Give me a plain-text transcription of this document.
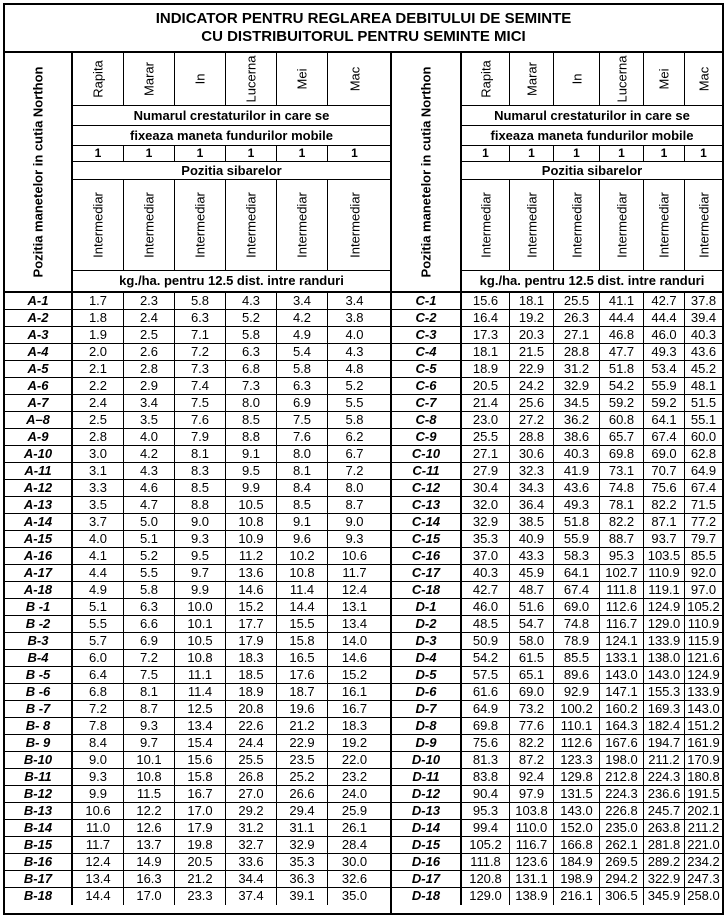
INDICATOR PENTRU REGLAREA DEBITULUI DE SEMINTE
CU DISTRIBUITORUL PENTRU SEMINTE MICI
Pozitia manetelor in cutia Northon	Rapita	Marar	In	Lucerna	Mei	Mac
Numarul crestaturilor in care se
fixeaza maneta fundurilor mobile
1	1	1	1	1	1
Pozitia sibarelor
Intermediar	Intermediar	Intermediar	Intermediar	Intermediar	Intermediar
kg./ha. pentru 12.5 dist. intre randuri
A-1	1.7	2.3	5.8	4.3	3.4	3.4
A-2	1.8	2.4	6.3	5.2	4.2	3.8
A-3	1.9	2.5	7.1	5.8	4.9	4.0
A-4	2.0	2.6	7.2	6.3	5.4	4.3
A-5	2.1	2.8	7.3	6.8	5.8	4.8
A-6	2.2	2.9	7.4	7.3	6.3	5.2
A-7	2.4	3.4	7.5	8.0	6.9	5.5
A–8	2.5	3.5	7.6	8.5	7.5	5.8
A-9	2.8	4.0	7.9	8.8	7.6	6.2
A-10	3.0	4.2	8.1	9.1	8.0	6.7
A-11	3.1	4.3	8.3	9.5	8.1	7.2
A-12	3.3	4.6	8.5	9.9	8.4	8.0
A-13	3.5	4.7	8.8	10.5	8.5	8.7
A-14	3.7	5.0	9.0	10.8	9.1	9.0
A-15	4.0	5.1	9.3	10.9	9.6	9.3
A-16	4.1	5.2	9.5	11.2	10.2	10.6
A-17	4.4	5.5	9.7	13.6	10.8	11.7
A-18	4.9	5.8	9.9	14.6	11.4	12.4
B -1	5.1	6.3	10.0	15.2	14.4	13.1
B -2	5.5	6.6	10.1	17.7	15.5	13.4
B-3	5.7	6.9	10.5	17.9	15.8	14.0
B-4	6.0	7.2	10.8	18.3	16.5	14.6
B -5	6.4	7.5	11.1	18.5	17.6	15.2
B -6	6.8	8.1	11.4	18.9	18.7	16.1
B -7	7.2	8.7	12.5	20.8	19.6	16.7
B- 8	7.8	9.3	13.4	22.6	21.2	18.3
B- 9	8.4	9.7	15.4	24.4	22.9	19.2
B-10	9.0	10.1	15.6	25.5	23.5	22.0
B-11	9.3	10.8	15.8	26.8	25.2	23.2
B-12	9.9	11.5	16.7	27.0	26.6	24.0
B-13	10.6	12.2	17.0	29.2	29.4	25.9
B-14	11.0	12.6	17.9	31.2	31.1	26.1
B-15	11.7	13.7	19.8	32.7	32.9	28.4
B-16	12.4	14.9	20.5	33.6	35.3	30.0
B-17	13.4	16.3	21.2	34.4	36.3	32.6
B-18	14.4	17.0	23.3	37.4	39.1	35.0
Pozitia manetelor in cutia Northon	Rapita Marar In Lucerna Mei Mac
Numarul crestaturilor in care se
fixeaza maneta fundurilor mobile
1	1	1	1	1	1
Pozitia sibarelor
Intermediar Intermediar Intermediar Intermediar Intermediar Intermediar
kg./ha. pentru 12.5 dist. intre randuri
C-1	15.6	18.1	25.5	41.1	42.7	37.8
C-2	16.4	19.2	26.3	44.4	44.4	39.4
C-3	17.3	20.3	27.1	46.8	46.0	40.3
C-4	18.1	21.5	28.8	47.7	49.3	43.6
C-5	18.9	22.9	31.2	51.8	53.4	45.2
C-6	20.5	24.2	32.9	54.2	55.9	48.1
C-7	21.4	25.6	34.5	59.2	59.2	51.5
C-8	23.0	27.2	36.2	60.8	64.1	55.1
C-9	25.5	28.8	38.6	65.7	67.4	60.0
C-10	27.1	30.6	40.3	69.8	69.0	62.8
C-11	27.9	32.3	41.9	73.1	70.7	64.9
C-12	30.4	34.3	43.6	74.8	75.6	67.4
C-13	32.0	36.4	49.3	78.1	82.2	71.5
C-14	32.9	38.5	51.8	82.2	87.1	77.2
C-15	35.3	40.9	55.9	88.7	93.7	79.7
C-16	37.0	43.3	58.3	95.3	103.5 85.5
C-17	40.3	45.9	64.1	102.7 110.9 92.0
C-18	42.7	48.7	67.4	111.8 119.1 97.0
D-1	46.0	51.6	69.0	112.6 124.9 105.2
D-2	48.5	54.7	74.8	116.7 129.0 110.9
D-3	50.9	58.0	78.9	124.1 133.9 115.9
D-4	54.2	61.5	85.5	133.1 138.0 121.6
D-5	57.5	65.1	89.6	143.0 143.0 124.9
D-6	61.6	69.0	92.9	147.1 155.3 133.9
D-7	64.9	73.2	100.2 160.2 169.3 143.0
D-8	69.8	77.6	110.1 164.3 182.4 151.2
D-9	75.6	82.2	112.6 167.6 194.7 161.9
D-10	81.3	87.2	123.3 198.0 211.2 170.9
D-11	83.8	92.4	129.8 212.8 224.3 180.8
D-12	90.4	97.9	131.5 224.3 236.6 191.5
D-13	95.3	103.8 143.0 226.8 245.7 202.1
D-14	99.4	110.0 152.0 235.0 263.8 211.2
D-15	105.2	116.7 166.8 262.1 281.8 221.0
D-16	111.8	123.6 184.9 269.5 289.2 234.2
D-17	120.8	131.1 198.9 294.2 322.9 247.3
D-18	129.0	138.9 216.1 306.5 345.9 258.0
